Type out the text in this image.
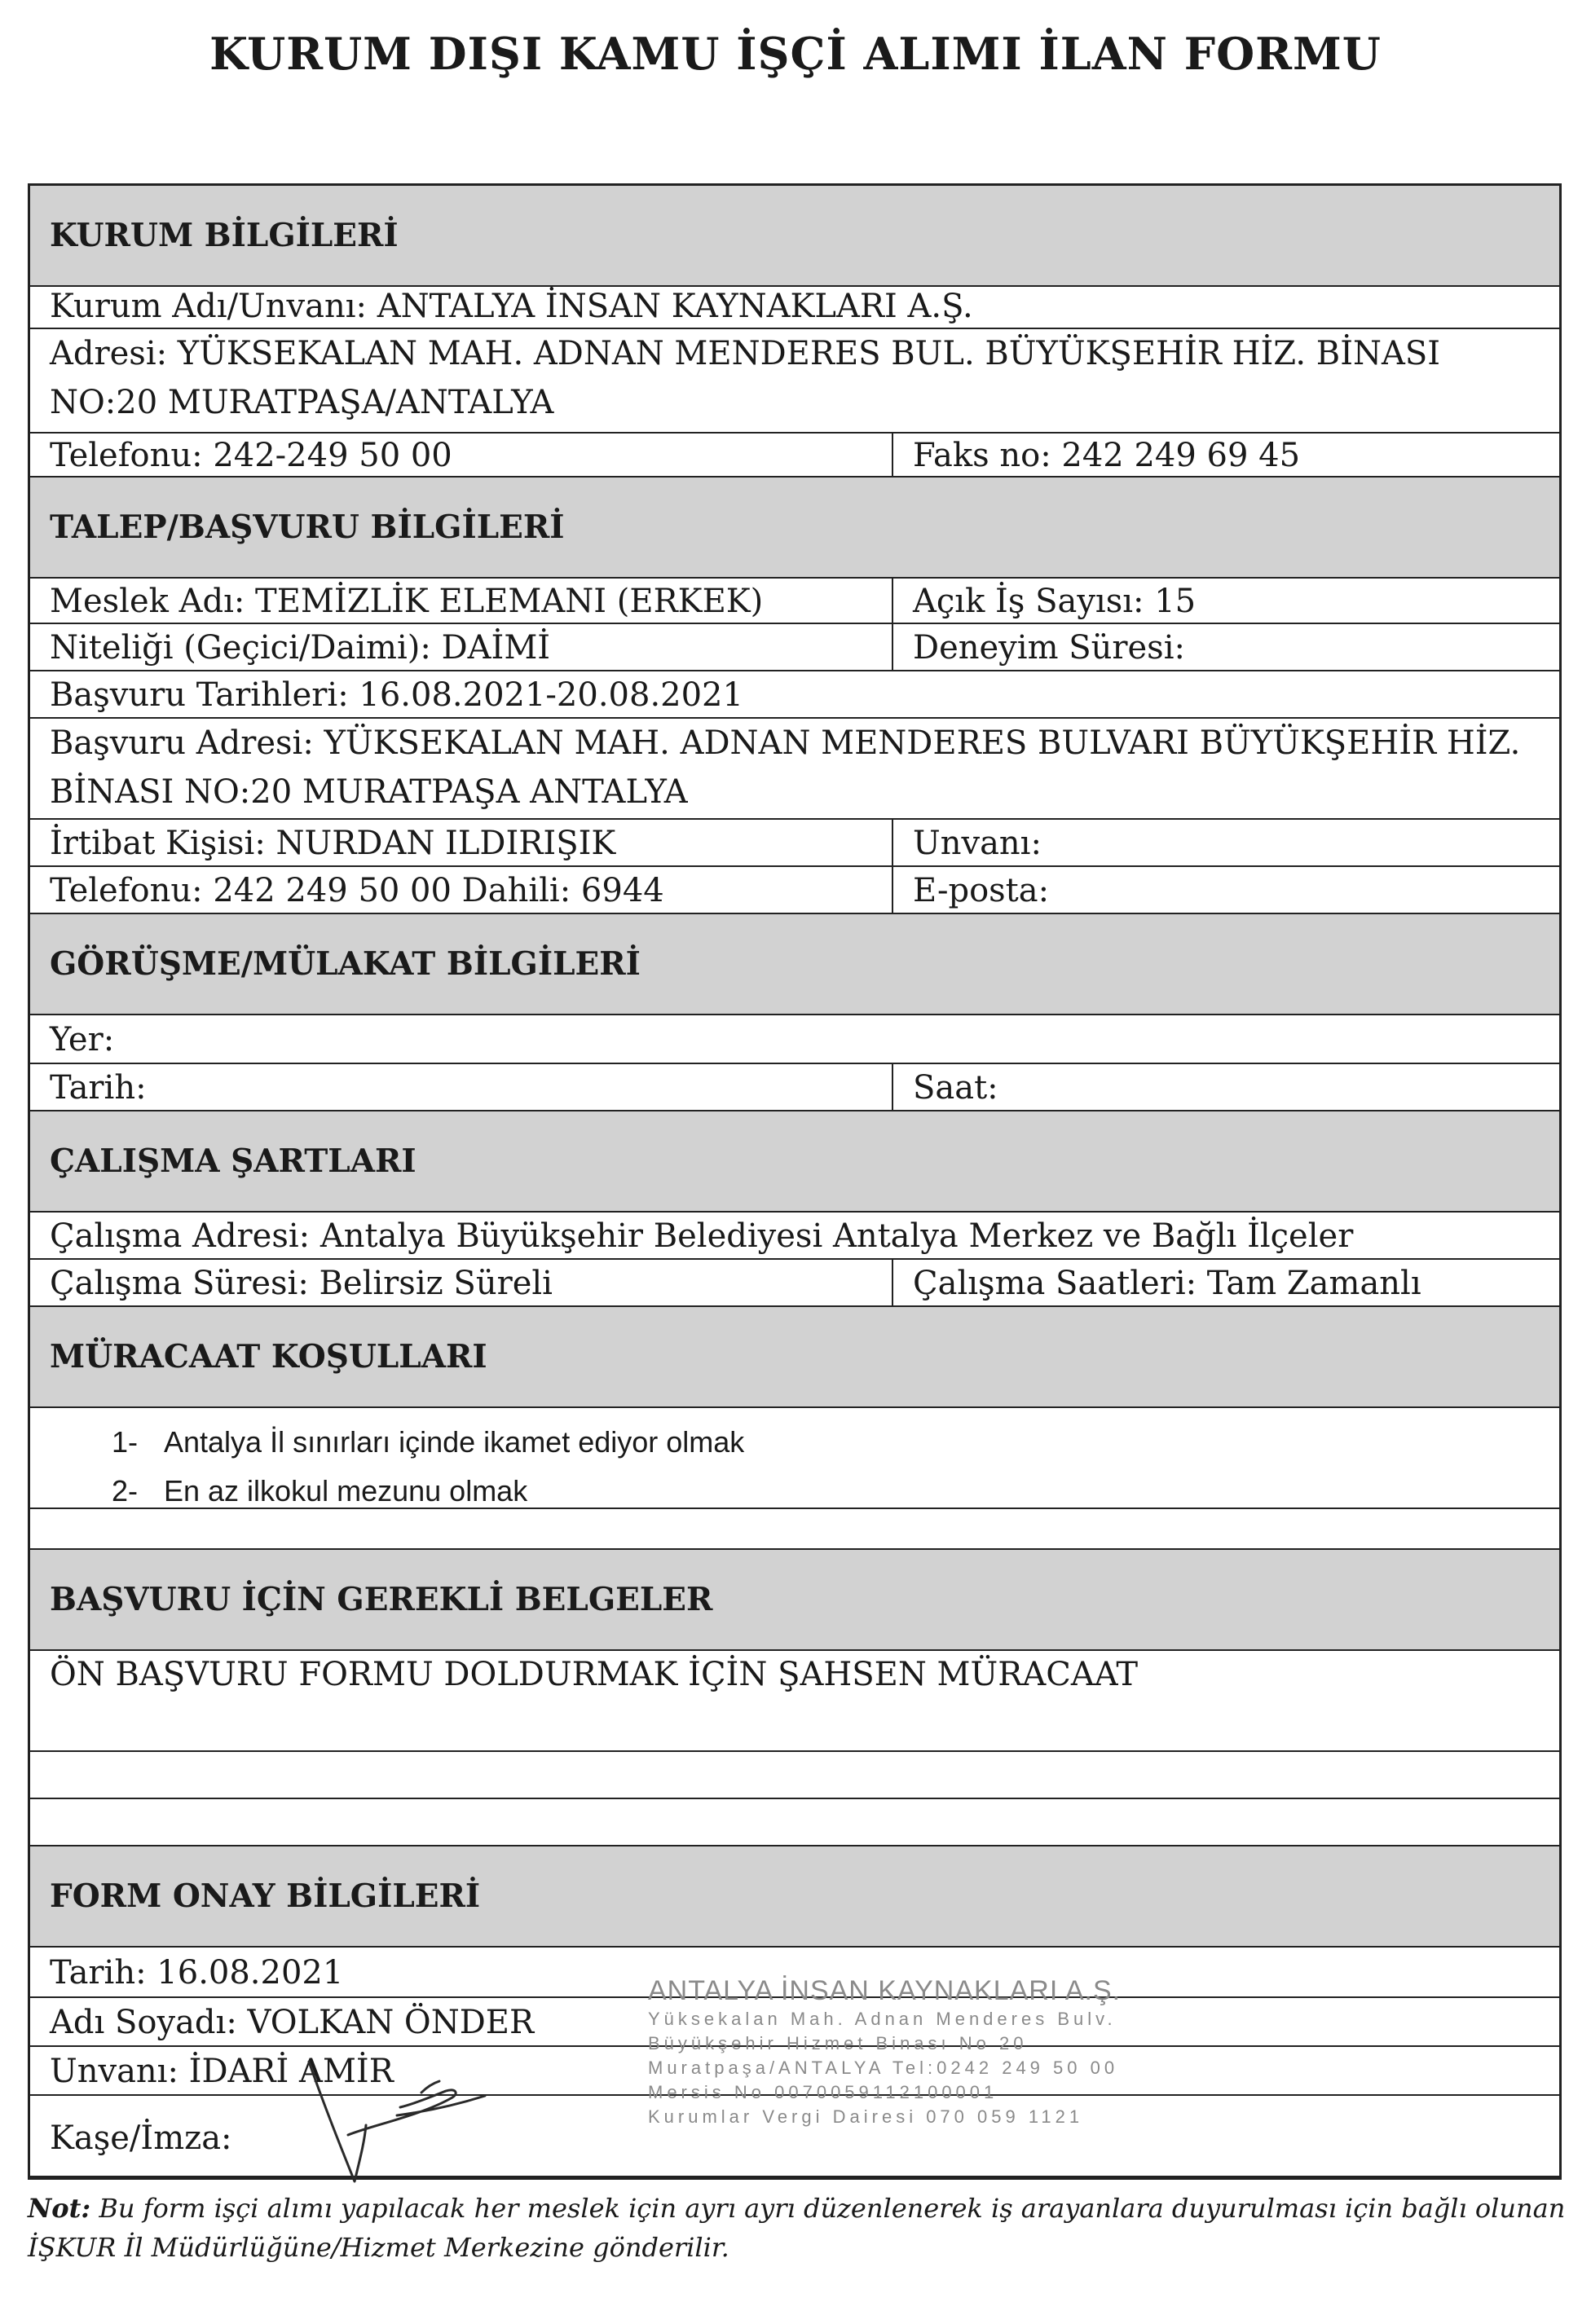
KURUM DIŞI KAMU İŞÇİ ALIMI İLAN FORMU
KURUM BİLGİLERİ
Kurum Adı/Unvanı: ANTALYA İNSAN KAYNAKLARI A.Ş.
Adresi: YÜKSEKALAN MAH. ADNAN MENDERES BUL. BÜYÜKŞEHİR HİZ. BİNASI
NO:20 MURATPAŞA/ANTALYA
Telefonu: 242-249 50 00	Faks no: 242 249 69 45
TALEP/BAŞVURU BİLGİLERİ
Meslek Adı: TEMİZLİK ELEMANI (ERKEK)	Açık İş Sayısı: 15
Niteliği (Geçici/Daimi): DAİMİ	Deneyim Süresi:
Başvuru Tarihleri: 16.08.2021-20.08.2021
Başvuru Adresi: YÜKSEKALAN MAH. ADNAN MENDERES BULVARI BÜYÜKŞEHİR HİZ.
BİNASI NO:20 MURATPAŞA ANTALYA
İrtibat Kişisi: NURDAN ILDIRIŞIK	Unvanı:
Telefonu: 242 249 50 00 Dahili: 6944	E-posta:
GÖRÜŞME/MÜLAKAT BİLGİLERİ
Yer:
Tarih:	Saat:
ÇALIŞMA ŞARTLARI
Çalışma Adresi: Antalya Büyükşehir Belediyesi Antalya Merkez ve Bağlı İlçeler
Çalışma Süresi: Belirsiz Süreli	Çalışma Saatleri: Tam Zamanlı
MÜRACAAT KOŞULLARI
1- Antalya İl sınırları içinde ikamet ediyor olmak
2- En az ilkokul mezunu olmak
BAŞVURU İÇİN GEREKLİ BELGELER
ÖN BAŞVURU FORMU DOLDURMAK İÇİN ŞAHSEN MÜRACAAT
FORM ONAY BİLGİLERİ
Tarih: 16.08.2021
Adı Soyadı: VOLKAN ÖNDER
Unvanı: İDARİ AMİR
Kaşe/İmza:
ANTALYA İNSAN KAYNAKLARI A.Ş.
Yüksekalan Mah. Adnan Menderes Bulv.
Büyükşehir Hizmet Binası No 20
Muratpaşa/ANTALYA Tel:0242 249 50 00
Mersis No 0070059112100001
Kurumlar Vergi Dairesi 070 059 1121
Not: Bu form işçi alımı yapılacak her meslek için ayrı ayrı düzenlenerek iş arayanlara duyurulması için bağlı olunan İŞKUR İl Müdürlüğüne/Hizmet Merkezine gönderilir.
